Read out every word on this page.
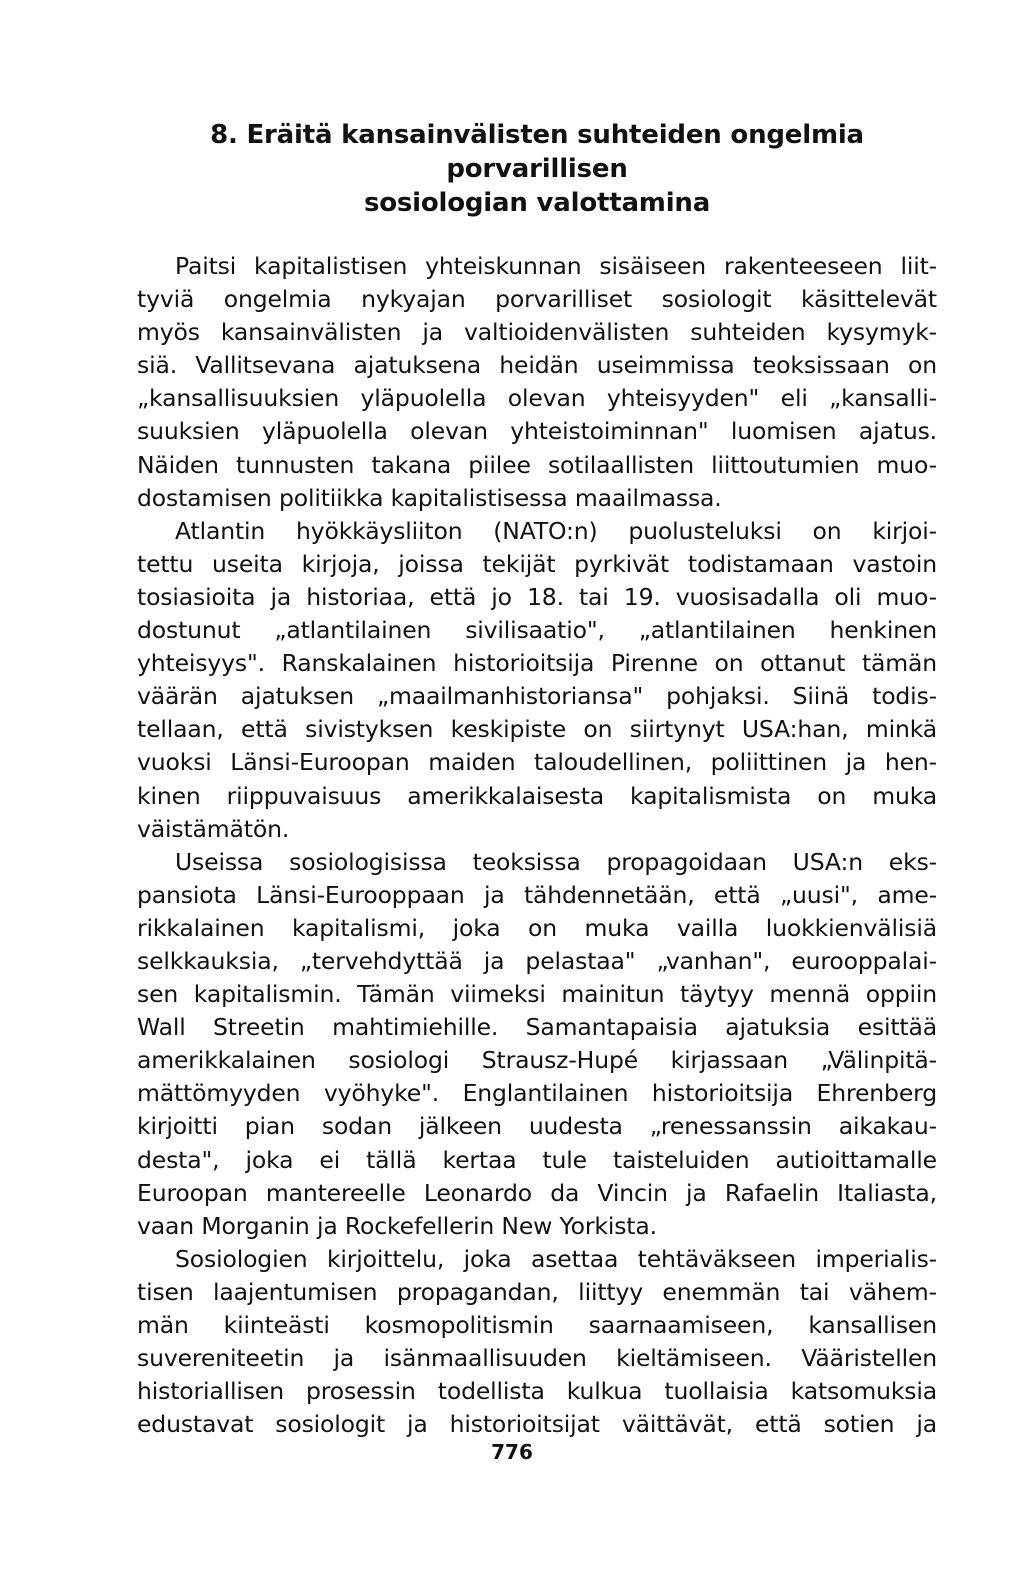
8. Eräitä kansainvälisten suhteiden ongelmia porvarillisen
sosiologian valottamina
Paitsi kapitalistisen yhteiskunnan sisäiseen rakenteeseen liit-
tyviä ongelmia nykyajan porvarilliset sosiologit käsittelevät
myös kansainvälisten ja valtioidenvälisten suhteiden kysymyk-
siä. Vallitsevana ajatuksena heidän useimmissa teoksissaan on
„kansallisuuksien yläpuolella olevan yhteisyyden" eli „kansalli-
suuksien yläpuolella olevan yhteistoiminnan" luomisen ajatus.
Näiden tunnusten takana piilee sotilaallisten liittoutumien muo-
dostamisen politiikka kapitalistisessa maailmassa.
Atlantin hyökkäysliiton (NATO:n) puolusteluksi on kirjoi-
tettu useita kirjoja, joissa tekijät pyrkivät todistamaan vastoin
tosiasioita ja historiaa, että jo 18. tai 19. vuosisadalla oli muo-
dostunut „atlantilainen sivilisaatio", „atlantilainen henkinen
yhteisyys". Ranskalainen historioitsija Pirenne on ottanut tämän
väärän ajatuksen „maailmanhistoriansa" pohjaksi. Siinä todis-
tellaan, että sivistyksen keskipiste on siirtynyt USA:han, minkä
vuoksi Länsi-Euroopan maiden taloudellinen, poliittinen ja hen-
kinen riippuvaisuus amerikkalaisesta kapitalismista on muka
väistämätön.
Useissa sosiologisissa teoksissa propagoidaan USA:n eks-
pansiota Länsi-Eurooppaan ja tähdennetään, että „uusi", ame-
rikkalainen kapitalismi, joka on muka vailla luokkienvälisiä
selkkauksia, „tervehdyttää ja pelastaa" „vanhan", eurooppalai-
sen kapitalismin. Tämän viimeksi mainitun täytyy mennä oppiin
Wall Streetin mahtimiehille. Samantapaisia ajatuksia esittää
amerikkalainen sosiologi Strausz-Hupé kirjassaan „Välinpitä-
mättömyyden vyöhyke". Englantilainen historioitsija Ehrenberg
kirjoitti pian sodan jälkeen uudesta „renessanssin aikakau-
desta", joka ei tällä kertaa tule taisteluiden autioittamalle
Euroopan mantereelle Leonardo da Vincin ja Rafaelin Italiasta,
vaan Morganin ja Rockefellerin New Yorkista.
Sosiologien kirjoittelu, joka asettaa tehtäväkseen imperialis-
tisen laajentumisen propagandan, liittyy enemmän tai vähem-
män kiinteästi kosmopolitismin saarnaamiseen, kansallisen
suvereniteetin ja isänmaallisuuden kieltämiseen. Vääristellen
historiallisen prosessin todellista kulkua tuollaisia katsomuksia
edustavat sosiologit ja historioitsijat väittävät, että sotien ja
776
